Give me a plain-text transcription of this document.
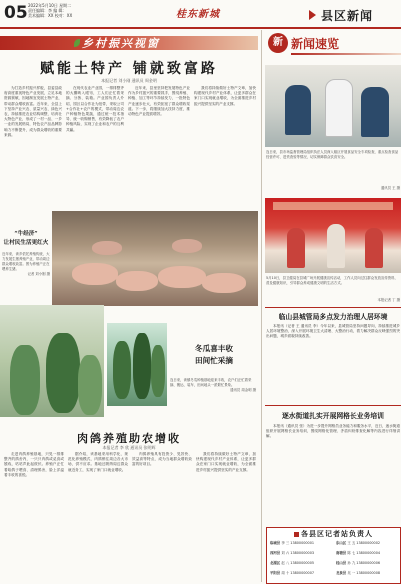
05 2022年5月10日 星期二
责任编辑：李 编 辑：
美术编辑：XX 校对：XX	桂东新城	县区新闻
乡村振兴视窗
赋能土特产 铺就致富路
本报记者 刘小刚 通讯员 周金明

为打造乡村振兴样板，县委县政府高度重视特色产业发展，立足本地资源禀赋，因地制宜发展土特产业，带动群众增收致富。近年来，全县上下坚持产业兴农、质量兴农、绿色兴农，持续推进农业结构调整，培育壮大特色产业，形成了一村一品、一乡一业的发展格局，特色农产品品牌影响力不断提升，成为群众增收的重要来源。

在现代农业产业园，一排排整齐的大棚映入眼帘，工人们正忙着采摘、分拣、装箱。产业园负责人介绍，园区以合作社为纽带，采取公司+合作社+农户的模式，带动周边农户种植特色果蔬，通过统一技术指导、统一收购销售，有效降低了农户种植风险，实现了企业和农户的互利共赢。

近年来，县里坚持把发展特色产业作为乡村振兴的重要抓手，围绕养殖、种植、加工等环节持续发力，一批特色产业逐步壮大，有效拓宽了群众增收渠道。下一步，将继续加大扶持力度，推动特色产业提质增效。

我们将持续做好土特产文章，加快构建现代乡村产业体系，让更多群众在家门口实现就业增收，为全面推进乡村振兴提供坚实的产业支撑。

“牛经济”
让村民生活更红火
近年来，该乡依托养殖传统，大力发展生猪养殖产业，带动周边群众增收致富。图为养殖户正在喂养生猪。
记者 刘小刚 摄
冬瓜喜丰收
田间忙采摘
连日来，该镇冬瓜种植基地迎来丰收，农户们正忙着采摘、搬运、装车，田间地头一派繁忙景象。
通讯员 周金明 摄
肉鸽养殖助农增收
本报记者 李 欣 通讯员 张明辉

走进肉鸽养殖基地，只见一排排整齐的鸽舍内，一只只肉鸽或觅食或嬉戏，咕咕声此起彼伏。养殖户正忙着给鸽子喂食、清理鸽舍，脸上洋溢着丰收的喜悦。

据介绍，该基地采用科学化、规范化养殖模式，肉鸽销往周边各大市场，供不应求。基地还吸纳周边群众就近务工，实现了家门口就业增收。

肉鸽养殖具有投资少、见效快、效益高等特点，成为当地群众增收致富的好项目。

我们将持续做好土特产文章，加快构建现代乡村产业体系，让更多群众在家门口实现就业增收，为全面推进乡村振兴提供坚实的产业支撑。

新 新闻速览
连日来，县市场监督管理局组织执法人员深入辖区开展食品安全专项检查，重点检查食品经营许可、进货查验等情况，切实保障群众饮食安全。
通讯员 王 摄
5月10日，县卫健局在县城广场开展健康宣传活动，工作人员向过往群众发放宣传资料，普及健康知识，引导群众养成健康文明的生活方式。
本报记者 丁 摄
临山县城管局多点发力治理人居环境

本报讯（记者 王 通讯员 李）今年以来，县城管局坚持问题导向，持续推进城乡人居环境整治，深入开展环境卫生大清理、大整治行动，着力解决群众反映强烈的突出问题，城乡面貌持续改善。

逐水街道扎实开展网格长业务培训

本报讯（通讯员 张）为进一步提升网格员业务能力和服务水平，近日，逐水街道组织开展网格长业务培训，围绕网格化管理、矛盾纠纷排查化解等内容进行详细讲解。

各县区记者站负责人
临城县 李 三 13800000001	东山区 王 五 13800000002
西河县 刘 六 13800000003	南塘县 陈 七 13800000004
北湖区 赵 八 13800000005	桂山县 孙 九 13800000006
平阳县 周 十 13800000007	龙泉县 吴 一 13800000008
